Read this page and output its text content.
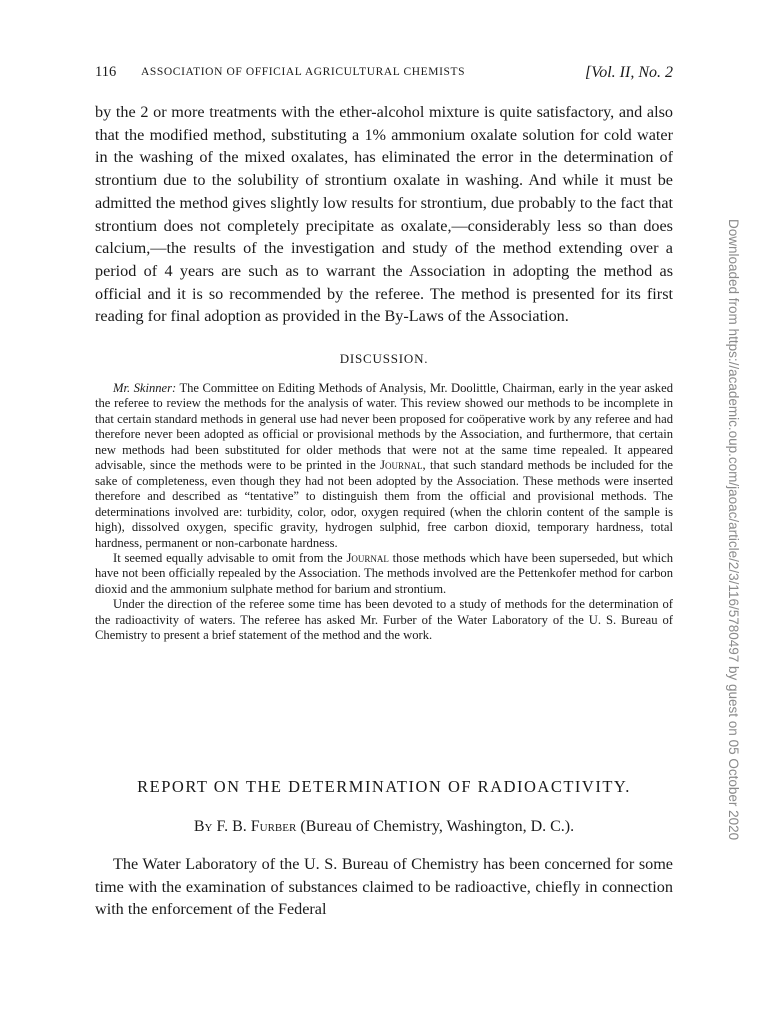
116 ASSOCIATION OF OFFICIAL AGRICULTURAL CHEMISTS	[Vol. II, No. 2

by the 2 or more treatments with the ether-alcohol mixture is quite satisfactory, and also that the modified method, substituting a 1% ammonium oxalate solution for cold water in the washing of the mixed oxalates, has eliminated the error in the determination of strontium due to the solubility of strontium oxalate in washing. And while it must be admitted the method gives slightly low results for strontium, due probably to the fact that strontium does not completely precipitate as oxalate,—considerably less so than does calcium,—the results of the investigation and study of the method extending over a period of 4 years are such as to warrant the Association in adopting the method as official and it is so recommended by the referee. The method is presented for its first reading for final adoption as provided in the By-Laws of the Association.

DISCUSSION.
Mr. Skinner: The Committee on Editing Methods of Analysis, Mr. Doolittle, Chairman, early in the year asked the referee to review the methods for the analysis of water. This review showed our methods to be incomplete in that certain standard methods in general use had never been proposed for coöperative work by any referee and had therefore never been adopted as official or provisional methods by the Association, and furthermore, that certain new methods had been substituted for older methods that were not at the same time repealed. It appeared advisable, since the methods were to be printed in the Journal, that such standard methods be included for the sake of completeness, even though they had not been adopted by the Association. These methods were inserted therefore and described as “tentative” to distinguish them from the official and provisional methods. The determinations involved are: turbidity, color, odor, oxygen required (when the chlorin content of the sample is high), dissolved oxygen, specific gravity, hydrogen sulphid, free carbon dioxid, temporary hardness, total hardness, permanent or non-carbonate hardness.
It seemed equally advisable to omit from the Journal those methods which have been superseded, but which have not been officially repealed by the Association. The methods involved are the Pettenkofer method for carbon dioxid and the ammonium sulphate method for barium and strontium.
Under the direction of the referee some time has been devoted to a study of methods for the determination of the radioactivity of waters. The referee has asked Mr. Furber of the Water Laboratory of the U. S. Bureau of Chemistry to present a brief statement of the method and the work.
REPORT ON THE DETERMINATION OF RADIOACTIVITY.
By F. B. Furber (Bureau of Chemistry, Washington, D. C.).

The Water Laboratory of the U. S. Bureau of Chemistry has been concerned for some time with the examination of substances claimed to be radioactive, chiefly in connection with the enforcement of the Federal

Downloaded from https://academic.oup.com/jaoac/article/2/3/116/5780497 by guest on 05 October 2020
